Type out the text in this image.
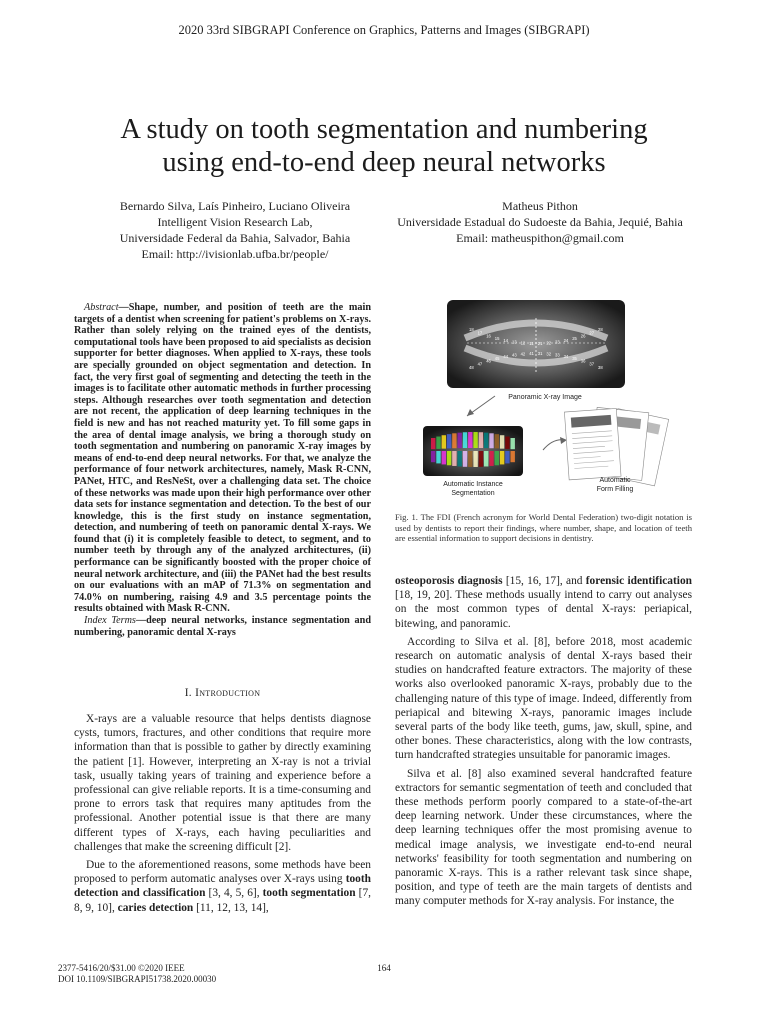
2020 33rd SIBGRAPI Conference on Graphics, Patterns and Images (SIBGRAPI)
A study on tooth segmentation and numbering
using end-to-end deep neural networks
Bernardo Silva, Laís Pinheiro, Luciano Oliveira
Intelligent Vision Research Lab,
Universidade Federal da Bahia, Salvador, Bahia
Email: http://ivisionlab.ufba.br/people/
Matheus Pithon
Universidade Estadual do Sudoeste da Bahia, Jequié, Bahia
Email: matheuspithon@gmail.com

Abstract—Shape, number, and position of teeth are the main targets of a dentist when screening for patient's problems on X-rays. Rather than solely relying on the trained eyes of the dentists, computational tools have been proposed to aid specialists as decision supporter for better diagnoses. When applied to X-rays, these tools are specially grounded on object segmentation and detection. In fact, the very first goal of segmenting and detecting the teeth in the images is to facilitate other automatic methods in further processing steps. Although researches over tooth segmentation and detection are not recent, the application of deep learning techniques in the field is new and has not reached maturity yet. To fill some gaps in the area of dental image analysis, we bring a thorough study on tooth segmentation and numbering on panoramic X-ray images by means of end-to-end deep neural networks. For that, we analyze the performance of four network architectures, namely, Mask R-CNN, PANet, HTC, and ResNeSt, over a challenging data set. The choice of these networks was made upon their high performance over other data sets for instance segmentation and detection. To the best of our knowledge, this is the first study on instance segmentation, detection, and numbering of teeth on panoramic dental X-rays. We found that (i) it is completely feasible to detect, to segment, and to number teeth by through any of the analyzed architectures, (ii) performance can be significantly boosted with the proper choice of neural network architecture, and (iii) the PANet had the best results on our evaluations with an mAP of 71.3% on segmentation and 74.0% on numbering, raising 4.9 and 3.5 percentage points the results obtained with Mask R-CNN.

Index Terms—deep neural networks, instance segmentation and numbering, panoramic dental X-rays

I. Introduction

X-rays are a valuable resource that helps dentists diagnose cysts, tumors, fractures, and other conditions that require more information than that is possible to gather by directly examining the patient [1]. However, interpreting an X-ray is not a trivial task, usually taking years of training and experience before a professional can give reliable reports. It is a time-consuming and prone to errors task that requires many aptitudes from the professional. Another potential issue is that there are many different types of X-rays, each having peculiarities and challenges that make the screening difficult [2].

Due to the aforementioned reasons, some methods have been proposed to perform automatic analyses over X-rays using tooth detection and classification [3, 4, 5, 6], tooth segmentation [7, 8, 9, 10], caries detection [11, 12, 13, 14],

18
17
16 15 14 13 12 11 21 22 23 24 25 26
27
28
48
47
46 45 44 43 42 41 31 32 33 34 35 36
37
38
Panoramic X-ray Image
Automatic Instance
Segmentation
Automatic
Form Filling
Fig. 1. The FDI (French acronym for World Dental Federation) two-digit notation is used by dentists to report their findings, where number, shape, and location of teeth are essential information to support decisions in dentistry.

osteoporosis diagnosis [15, 16, 17], and forensic identification [18, 19, 20]. These methods usually intend to carry out analyses on the most common types of dental X-rays: periapical, bitewing, and panoramic.

According to Silva et al. [8], before 2018, most academic research on automatic analysis of dental X-rays based their studies on handcrafted feature extractors. The majority of these works also overlooked panoramic X-rays, probably due to the challenging nature of this type of image. Indeed, differently from periapical and bitewing X-rays, panoramic images include several parts of the body like teeth, gums, jaw, skull, spine, and other bones. These characteristics, along with the low contrasts, turn handcrafted strategies unsuitable for panoramic images.

Silva et al. [8] also examined several handcrafted feature extractors for semantic segmentation of teeth and concluded that these methods perform poorly compared to a state-of-the-art deep learning network. Under these circumstances, where the deep learning techniques offer the most promising avenue to medical image analysis, we investigate end-to-end neural networks' feasibility for tooth segmentation and numbering on panoramic X-rays. This is a rather relevant task since shape, position, and type of teeth are the main targets of dentists and many computer methods for X-ray analysis. For instance, the

2377-5416/20/$31.00 ©2020 IEEE
DOI 10.1109/SIBGRAPI51738.2020.00030
164
